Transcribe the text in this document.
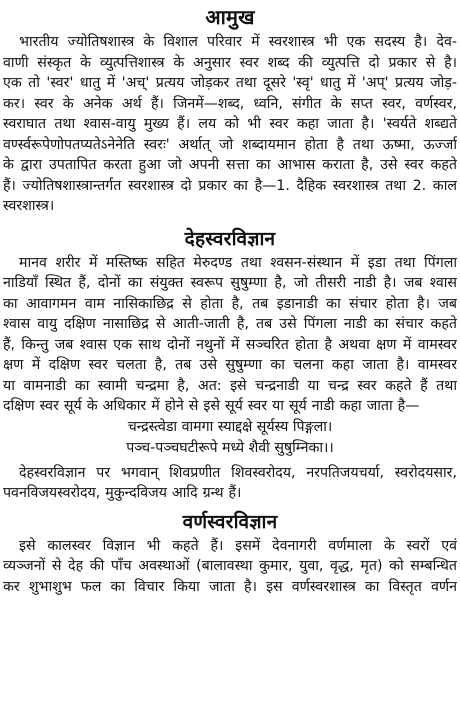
आमुख
भारतीय ज्योतिषशास्त्र के विशाल परिवार में स्वरशास्त्र भी एक सदस्य है। देव-
वाणी संस्कृत के व्युत्पत्तिशास्त्र के अनुसार स्वर शब्द की व्युत्पत्ति दो प्रकार से है।
एक तो 'स्वर' धातु में 'अच्' प्रत्यय जोड़कर तथा दूसरे 'स्वृ' धातु में 'अप्' प्रत्यय जोड़-
कर। स्वर के अनेक अर्थ हैं। जिनमें—शब्द, ध्वनि, संगीत के सप्त स्वर, वर्णस्वर,
स्वराघात तथा श्वास-वायु मुख्य हैं। लय को भी स्वर कहा जाता है। 'स्वर्यते शब्द्यते
वर्ण्स्वरूपेणोपतप्यतेऽनेनेति स्वरः' अर्थात् जो शब्दायमान होता है तथा ऊष्मा, ऊर्ज्जा
के द्वारा उपतापित करता हुआ जो अपनी सत्ता का आभास कराता है, उसे स्वर कहते
हैं। ज्योतिषशास्त्रान्तर्गत स्वरशास्त्र दो प्रकार का है—1. दैहिक स्वरशास्त्र तथा 2. काल
स्वरशास्त्र।
देहस्वरविज्ञान
मानव शरीर में मस्तिष्क सहित मेरुदण्ड तथा श्वसन-संस्थान में इडा तथा पिंगला
नाडियाँ स्थित हैं, दोनों का संयुक्त स्वरूप सुषुम्णा है, जो तीसरी नाडी है। जब श्वास
का आवागमन वाम नासिकाछिद्र से होता है, तब इडानाडी का संचार होता है। जब
श्वास वायु दक्षिण नासाछिद्र से आती-जाती है, तब उसे पिंगला नाडी का संचार कहते
हैं, किन्तु जब श्वास एक साथ दोनों नथुनों में सञ्चरित होता है अथवा क्षण में वामस्वर
क्षण में दक्षिण स्वर चलता है, तब उसे सुषुम्णा का चलना कहा जाता है। वामस्वर
या वामनाडी का स्वामी चन्द्रमा है, अत: इसे चन्द्रनाडी या चन्द्र स्वर कहते हैं तथा
दक्षिण स्वर सूर्य के अधिकार में होने से इसे सूर्य स्वर या सूर्य नाडी कहा जाता है—
चन्द्रस्त्वेडा वामगा स्याद्दक्षे सूर्यस्य पिङ्गला।
पञ्च-पञ्चघटीरूपे मध्ये शैवी सुषुम्निका।।
देहस्वरविज्ञान पर भगवान् शिवप्रणीत शिवस्वरोदय, नरपतिजयचर्या, स्वरोदयसार,
पवनविजयस्वरोदय, मुकुन्दविजय आदि ग्रन्थ हैं।
वर्णस्वरविज्ञान
इसे कालस्वर विज्ञान भी कहते हैं। इसमें देवनागरी वर्णमाला के स्वरों एवं
व्यञ्जनों से देह की पाँच अवस्थाओं (बालावस्था कुमार, युवा, वृद्ध, मृत) को सम्बन्धित
कर शुभाशुभ फल का विचार किया जाता है। इस वर्णस्वरशास्त्र का विस्तृत वर्णन
